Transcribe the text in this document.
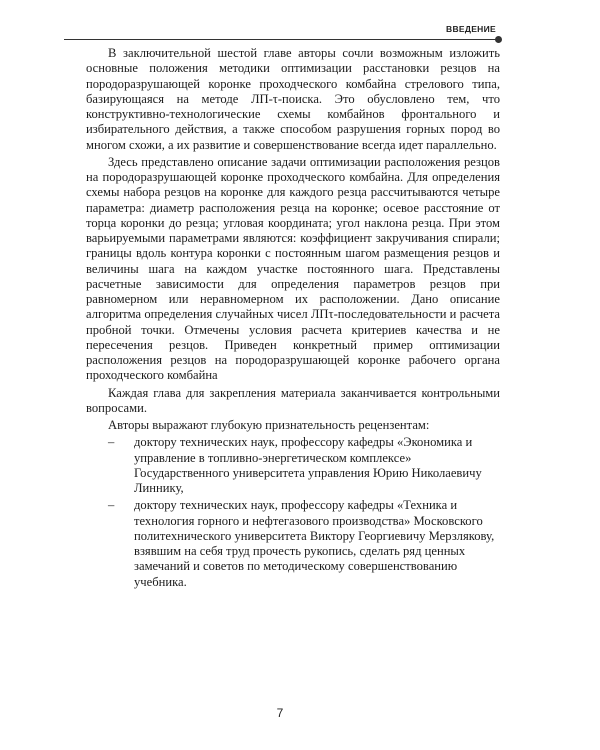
ВВЕДЕНИЕ

В заключительной шестой главе авторы сочли возможным изложить основные положения методики оптимизации расстановки резцов на породоразрушающей коронке проходческого комбайна стрелового типа, базирующаяся на методе ЛП-τ-поиска. Это обусловлено тем, что конструктивно-технологические схемы комбайнов фронтального и избирательного действия, а также способом разрушения горных пород во многом схожи, а их развитие и совершенствование всегда идет параллельно.

Здесь представлено описание задачи оптимизации расположения резцов на породоразрушающей коронке проходческого комбайна. Для определения схемы набора резцов на коронке для каждого резца рассчитываются четыре параметра: диаметр расположения резца на коронке; осевое расстояние от торца коронки до резца; угловая координата; угол наклона резца. При этом варьируемыми параметрами являются: коэффициент закручивания спирали; границы вдоль контура коронки с постоянным шагом размещения резцов и величины шага на каждом участке постоянного шага. Представлены расчетные зависимости для определения параметров резцов при равномерном или неравномерном их расположении. Дано описание алгоритма определения случайных чисел ЛПτ-последовательности и расчета пробной точки. Отмечены условия расчета критериев качества и не пересечения резцов. Приведен конкретный пример оптимизации расположения резцов на породоразрушающей коронке рабочего органа проходческого комбайна

Каждая глава для закрепления материала заканчивается контрольными вопросами.

Авторы выражают глубокую признательность рецензентам:

– доктору технических наук, профессору кафедры «Экономика и управление в топливно-энергетическом комплексе» Государственного университета управления Юрию Николаевичу Линнику,
– доктору технических наук, профессору кафедры «Техника и технология горного и нефтегазового производства» Московского политехнического университета Виктору Георгиевичу Мерзлякову, взявшим на себя труд прочесть рукопись, сделать ряд ценных замечаний и советов по методическому совершенствованию учебника.
7
